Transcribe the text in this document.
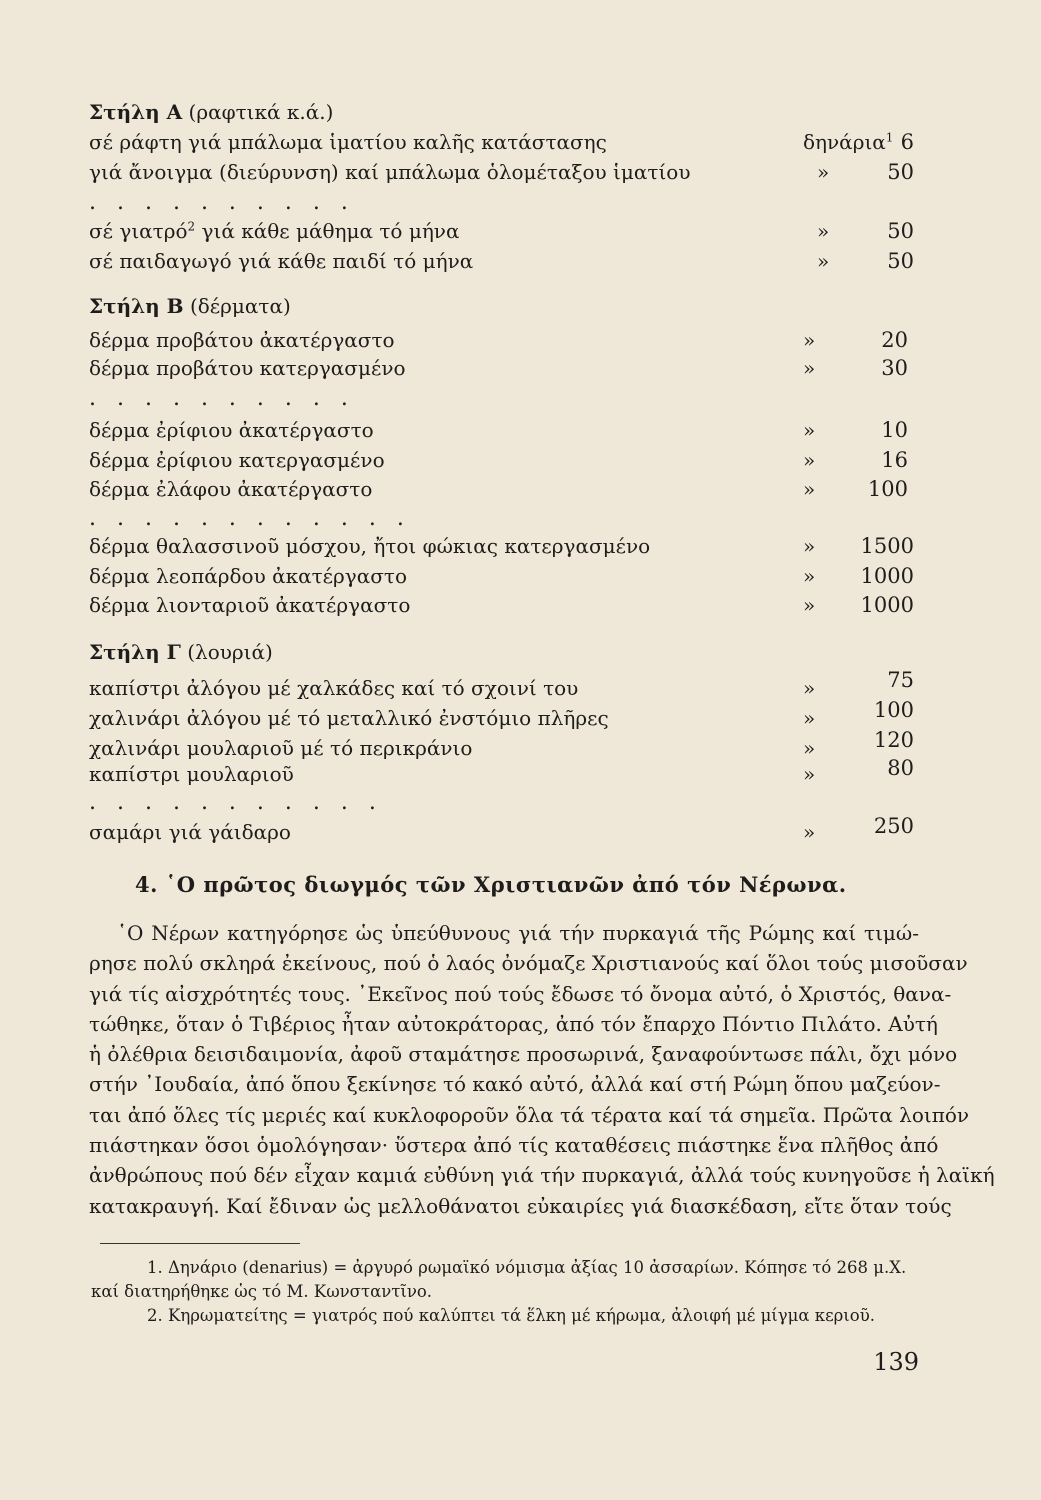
Στήλη Α (ραφτικά κ.ά.)
σέ ράφτη γιά μπάλωμα ἱματίου καλῆς κατάστασης	δηνάρια$^1$ 6
γιά ἄνοιγμα (διεύρυνση) καί μπάλωμα ὁλομέταξου ἱματίου	»	50
. . . . . . . . . .
σέ γιατρό$^2$ γιά κάθε μάθημα τό μήνα	»	50
σέ παιδαγωγό γιά κάθε παιδί τό μήνα	»	50
Στήλη Β (δέρματα)
δέρμα προβάτου ἀκατέργαστο	»	20
δέρμα προβάτου κατεργασμένο	»	30
. . . . . . . . . .
δέρμα ἐρίφιου ἀκατέργαστο	»	10
δέρμα ἐρίφιου κατεργασμένο	»	16
δέρμα ἐλάφου ἀκατέργαστο	»	100
. . . . . . . . . . . .
δέρμα θαλασσινοῦ μόσχου, ἤτοι φώκιας κατεργασμένο	» 1500
δέρμα λεοπάρδου ἀκατέργαστο	» 1000
δέρμα λιονταριοῦ ἀκατέργαστο	» 1000
Στήλη Γ (λουριά)
καπίστρι ἀλόγου μέ χαλκάδες καί τό σχοινί του	»	75
χαλινάρι ἀλόγου μέ τό μεταλλικό ἐνστόμιο πλῆρες	»	100
χαλινάρι μουλαριοῦ μέ τό περικράνιο	»	120
καπίστρι μουλαριοῦ	»	80
. . . . . . . . . . .
σαμάρι γιά γάιδαρο	»	250
4. ῾Ο πρῶτος διωγμός τῶν Χριστιανῶν ἀπό τόν Νέρωνα.
῾Ο Νέρων κατηγόρησε ὡς ὑπεύθυνους γιά τήν πυρκαγιά τῆς Ρώμης καί τιμώ-
ρησε πολύ σκληρά ἐκείνους, πού ὁ λαός ὀνόμαζε Χριστιανούς καί ὅλοι τούς μισοῦσαν
γιά τίς αἰσχρότητές τους. ᾿Εκεῖνος πού τούς ἔδωσε τό ὄνομα αὐτό, ὁ Χριστός, θανα-
τώθηκε, ὅταν ὁ Τιβέριος ἦταν αὐτοκράτορας, ἀπό τόν ἔπαρχο Πόντιο Πιλάτο. Αὐτή
ἡ ὀλέθρια δεισιδαιμονία, ἀφοῦ σταμάτησε προσωρινά, ξαναφούντωσε πάλι, ὄχι μόνο
στήν ᾿Ιουδαία, ἀπό ὅπου ξεκίνησε τό κακό αὐτό, ἀλλά καί στή Ρώμη ὅπου μαζεύον-
ται ἀπό ὅλες τίς μεριές καί κυκλοφοροῦν ὅλα τά τέρατα καί τά σημεῖα. Πρῶτα λοιπόν
πιάστηκαν ὅσοι ὁμολόγησαν· ὕστερα ἀπό τίς καταθέσεις πιάστηκε ἕνα πλῆθος ἀπό
ἀνθρώπους πού δέν εἶχαν καμιά εὐθύνη γιά τήν πυρκαγιά, ἀλλά τούς κυνηγοῦσε ἡ λαϊκή
κατακραυγή. Καί ἔδιναν ὡς μελλοθάνατοι εὐκαιρίες γιά διασκέδαση, εἴτε ὅταν τούς
1. Δηνάριο (denarius) = ἀργυρό ρωμαϊκό νόμισμα ἀξίας 10 ἀσσαρίων. Κόπησε τό 268 μ.Χ.
καί διατηρήθηκε ὡς τό Μ. Κωνσταντῖνο.
2. Κηρωματείτης = γιατρός πού καλύπτει τά ἕλκη μέ κήρωμα, ἀλοιφή μέ μίγμα κεριοῦ.
139
